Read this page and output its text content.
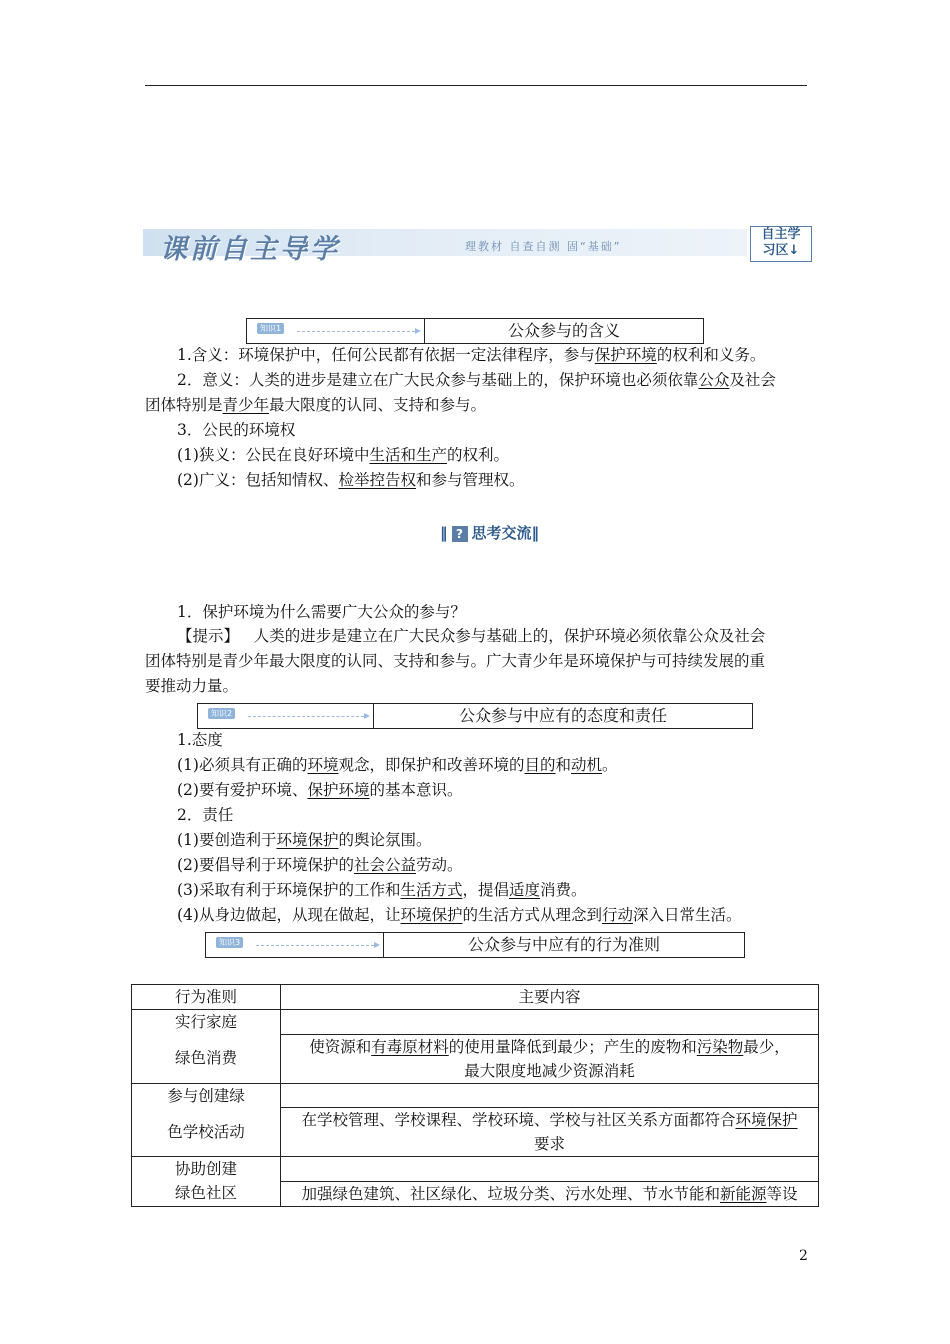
课前自主导学	理教材 自查自测 固“基础”
自主学
习区↓
知识1	公众参与的含义
1.含义：环境保护中，任何公民都有依据一定法律程序，参与保护环境的权利和义务。
2．意义：人类的进步是建立在广大民众参与基础上的，保护环境也必须依靠公众及社会
团体特别是青少年最大限度的认同、支持和参与。
3．公民的环境权
(1)狭义：公民在良好环境中生活和生产的权利。
(2)广义：包括知情权、检举控告权和参与管理权。
‖ ? 思考交流‖
1．保护环境为什么需要广大公众的参与？
【提示】 人类的进步是建立在广大民众参与基础上的，保护环境必须依靠公众及社会
团体特别是青少年最大限度的认同、支持和参与。广大青少年是环境保护与可持续发展的重
要推动力量。
知识2	公众参与中应有的态度和责任
1.态度
(1)必须具有正确的环境观念，即保护和改善环境的目的和动机。
(2)要有爱护环境、保护环境的基本意识。
2．责任
(1)要创造利于环境保护的舆论氛围。
(2)要倡导利于环境保护的社会公益劳动。
(3)采取有利于环境保护的工作和生活方式，提倡适度消费。
(4)从身边做起，从现在做起，让环境保护的生活方式从理念到行动深入日常生活。
知识3	公众参与中应有的行为准则
行为准则	主要内容
实行家庭	
绿色消费	使资源和有毒原材料的使用量降低到最少；产生的废物和污染物最少，
最大限度地减少资源消耗

参与创建绿	
色学校活动	在学校管理、学校课程、学校环境、学校与社区关系方面都符合环境保护
要求

协助创建	
绿色社区	加强绿色建筑、社区绿化、垃圾分类、污水处理、节水节能和新能源等设
2
